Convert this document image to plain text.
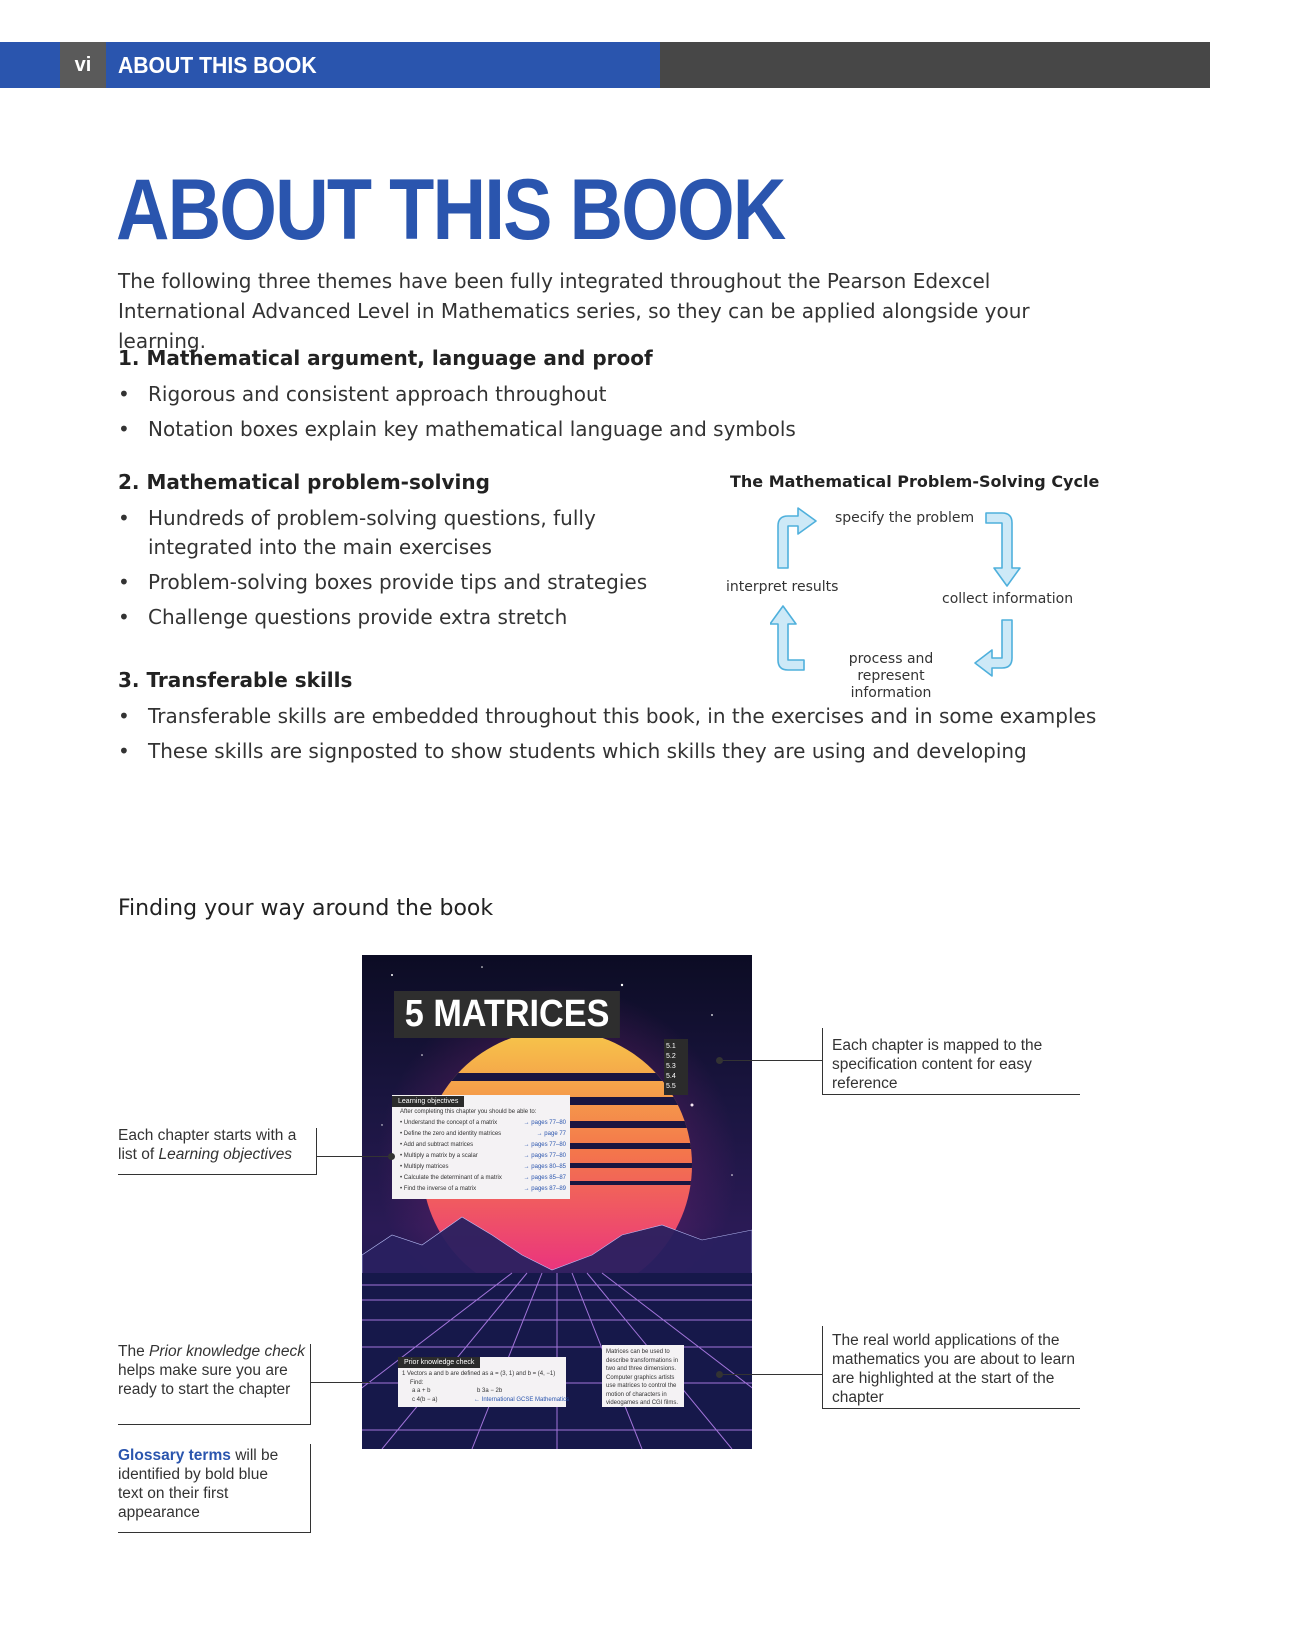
vi	ABOUT THIS BOOK
ABOUT THIS BOOK
The following three themes have been fully integrated throughout the Pearson Edexcel International Advanced Level in Mathematics series, so they can be applied alongside your learning.
1. Mathematical argument, language and proof
• Rigorous and consistent approach throughout
• Notation boxes explain key mathematical language and symbols
2. Mathematical problem-solving
• Hundreds of problem-solving questions, fully integrated into the main exercises
• Problem-solving boxes provide tips and strategies
• Challenge questions provide extra stretch
The Mathematical Problem-Solving Cycle
specify the problem
collect information
interpret results
process and
represent information
3. Transferable skills
• Transferable skills are embedded throughout this book, in the exercises and in some examples
• These skills are signposted to show students which skills they are using and developing
Finding your way around the book
5 MATRICES
5.1
5.2
5.3
5.4
5.5
Learning objectives
After completing this chapter you should be able to:
• Understand the concept of a matrix	→ pages 77–80
• Define the zero and identity matrices	→ page 77
• Add and subtract matrices	→ pages 77–80
• Multiply a matrix by a scalar	→ pages 77–80
• Multiply matrices	→ pages 80–85
• Calculate the determinant of a matrix	→ pages 85–87
• Find the inverse of a matrix	→ pages 87–89
Prior knowledge check
1 Vectors a and b are defined as a = (3, 1) and b = (4, −1)
Find:
a a + b	b 3a − 2b
c 4(b − a)	← International GCSE Mathematics
Matrices can be used to describe transformations in two and three dimensions. Computer graphics artists use matrices to control the motion of characters in videogames and CGI films.
Each chapter is mapped to the specification content for easy reference
Each chapter starts with a
list of Learning objectives
The Prior knowledge check helps make sure you are ready to start the chapter
Glossary terms will be identified by bold blue text on their first appearance
The real world applications of the mathematics you are about to learn are highlighted at the start of the chapter
